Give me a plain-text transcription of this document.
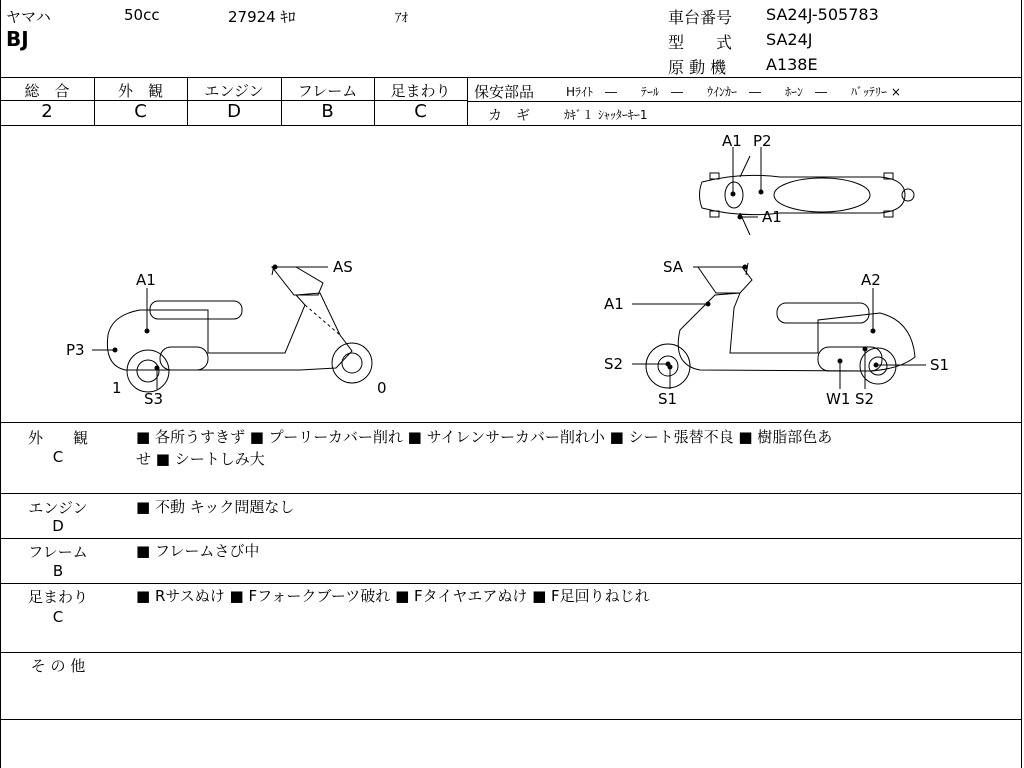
ヤマハ	50cc	27924 ｷﾛ	ｱｵ
BJ
車台番号 SA24J-505783
型　　式 SA24J
原 動 機 A138E
総　合	外　観	エンジン	フレーム	足まわり
2	C	D	B	C
保安部品	Hﾗｲﾄ　―　　ﾃｰﾙ　―　　ｳｲﾝｶｰ　―　　ﾎｰﾝ　―　　ﾊﾞｯﾃﾘｰ ×
カ　ギ	ｶｷﾞ１ ｼｬｯﾀｰｷｰ1
A1 P2
A1
A1
AS
P3
1
S3
0
SA
A2
A1
S2
S1
S1
W1 S2
外　　観
C
■ 各所うすきず ■ プーリーカバー削れ ■ サイレンサーカバー削れ小 ■ シート張替不良 ■ 樹脂部色あ
せ ■ シートしみ大
エンジン
D
■ 不動 キック問題なし
フレーム
B
■ フレームさび中
足まわり
C
■ Rサスぬけ ■ Fフォークブーツ破れ ■ Fタイヤエアぬけ ■ F足回りねじれ
そ の 他
